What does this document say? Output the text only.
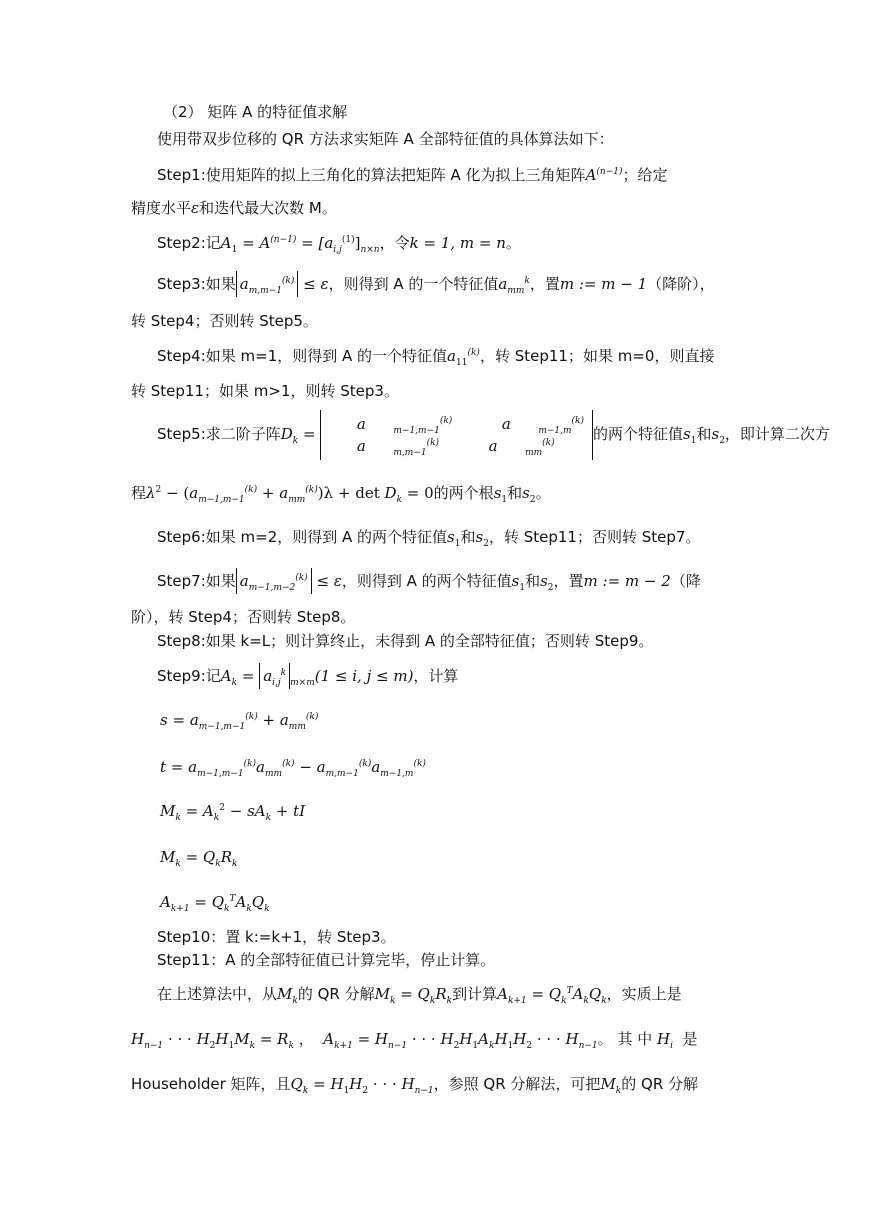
（2） 矩阵 A 的特征值求解
使用带双步位移的 QR 方法求实矩阵 A 全部特征值的具体算法如下：
Step1:使用矩阵的拟上三角化的算法把矩阵 A 化为拟上三角矩阵$A^{(n-1)}$；给定
精度水平ε和迭代最大次数 M。
Step2:记$A_1 = A^{(n-1)} = [a_{i,j}^{(1)}]_{n\times n}$，令k = 1, m = n。
Step3:如果 $a_{m,m-1}^{(k)} \le \varepsilon$，则得到 A 的一个特征值$a_{mm}^k$，置m := m − 1（降阶），
转 Step4；否则转 Step5。
Step4:如果 m=1，则得到 A 的一个特征值$a_{11}^{(k)}$，转 Step11；如果 m=0，则直接
转 Step11；如果 m>1，则转 Step3。
Step5:求二阶子阵$D_k$ =
a	$_{m-1,m-1}^{(k)}$	a	$_{m-1,m}^{(k)}$
a	$_{m,m-1}^{(k)}$	a	$_{mm}^{(k)}$	的两个特征值$s_1$和$s_2$，即计算二次方
程$\lambda^2 - (a_{m-1,m-1}^{(k)} + a_{mm}^{(k)})\lambda + \det D_k = 0$的两个根$s_1$和$s_2$。
Step6:如果 m=2，则得到 A 的两个特征值$s_1$和$s_2$，转 Step11；否则转 Step7。
Step7:如果 $a_{m-1,m-2}^{(k)} \le \varepsilon$，则得到 A 的两个特征值$s_1$和$s_2$，置m := m − 2（降
阶），转 Step4；否则转 Step8。
Step8:如果 k=L；则计算终止，未得到 A 的全部特征值；否则转 Step9。
Step9:记$A_k = a_{i,j}^k_{m\times m}(1 \le i$, j ≤ m)，计算
$s = a_{m-1,m-1}^{(k)} + a_{mm}^{(k)}$
$t = a_{m-1,m-1}^{(k)}a_{mm}^{(k)} - a_{m,m-1}^{(k)}a_{m-1,m}^{(k)}$
$M_k = A_k^2 - sA_k$ + tI
$M_k = Q_kR_k$
$A_{k+1} = Q_k^TA_kQ_k$
Step10：置 k:=k+1，转 Step3。
Step11：A 的全部特征值已计算完毕，停止计算。
在上述算法中，从$M_k$的 QR 分解$M_k = Q_kR_k$到计算$A_{k+1} = Q_k^TA_kQ_k$，实质上是
$H_{n-1}$ · · · $H_2H_1M_k = R_k$ ，  $A_{k+1} = H_{n-1}$ · · · $H_2H_1A_kH_1H_2$ · · · $H_{n-1}$。 其 中 $H_i$ 是
Householder 矩阵，且$Q_k = H_1H_2$ · · · $H_{n-1}$，参照 QR 分解法，可把$M_k$的 QR 分解
